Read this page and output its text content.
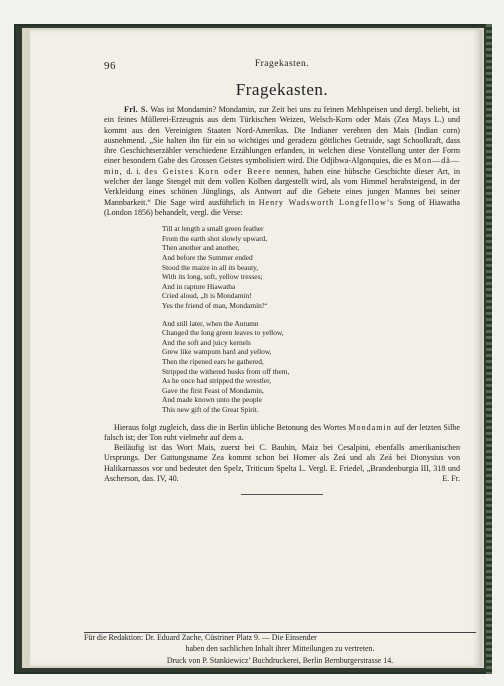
96	Fragekasten.
Fragekasten.

Frl. S. Was ist Mondamin? Mondamin, zur Zeit bei uns zu feinen Mehlspeisen und dergl. beliebt, ist ein feines Müllerei-Erzeugnis aus dem Türkischen Weizen, Welsch-Korn oder Mais (Zea Mays L.) und kommt aus den Vereinigten Staaten Nord-Amerikas. Die Indianer verehren den Mais (Indian corn) ausnehmend. „Sie halten ihn für ein so wichtiges und geradezu göttliches Getraide, sagt Schoolkraft, dass ihre Geschichtserzähler verschiedene Erzählungen erfanden, in welchen diese Vorstellung unter der Form einer besondern Gabe des Grossen Geistes symbolisiert wird. Die Odjibwa-Algonquies, die es Mon—dä—min, d. i. des Geistes Korn oder Beere nennen, haben eine hübsche Geschichte dieser Art, in welcher der lange Stengel mit dem vollen Kolben dargestellt wird, als vom Himmel herabsteigend, in der Verkleidung eines schönen Jünglings, als Antwort auf die Gebete eines jungen Mannes bei seiner Mannbarkeit.“ Die Sage wird ausführlich in Henry Wadsworth Longfellow’s Song of Hiawatha (London 1856) behandelt, vergl. die Verse:

Till at length a small green feather
From the earth shot slowly upward,
Then another and another,
And before the Summer ended
Stood the maize in all its beauty,
With its long, soft, yellow tresses;
And in rapture Hiawatha
Cried aloud, „It is Mondamin!
Yes the friend of man, Mondamin!“
And still later, when the Autumn
Changed the long green leaves to yellow,
And the soft and juicy kernels
Grew like wampum hard and yellow,
Then the ripened ears he gathered,
Stripped the withered husks from off them,
As he once had stripped the wrestler,
Gave the first Feast of Mondamin,
And made known unto the people
This new gift of the Great Spirit.

Hieraus folgt zugleich, dass die in Berlin übliche Betonung des Wortes Mondamin auf der letzten Silbe falsch ist; der Ton ruht vielmehr auf dem a.

Beiläufig ist das Wort Mais, zuerst bei C. Bauhin, Maiz bei Cesalpini, ebenfalls amerikanischen Ursprungs. Der Gattungsname Zea kommt schon bei Homer als Zeá und als Zeá bei Dionysius von Halikarnassos vor und bedeutet den Spelz, Triticum Spelta L. Vergl. E. Friedel, „Brandenburgia III, 318 und Ascherson, das. IV, 40.	E. Fr.

Für die Redaktion: Dr. Eduard Zache, Cüstriner Platz 9. — Die Einsender
haben den sachlichen Inhalt ihrer Mitteilungen zu vertreten.
Druck von P. Stankiewicz’ Buchdruckerei, Berlin Bernburgerstrasse 14.
